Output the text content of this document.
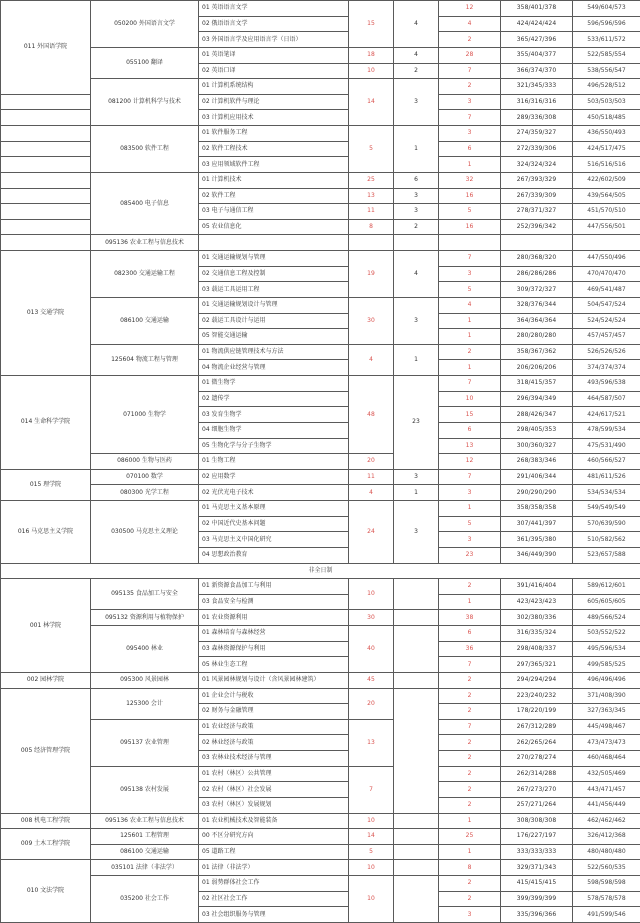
011 外国语学院	050200 外国语言文学	01 英语语言文学	15	4	12	358/401/378	549/604/573
		02 俄语语言文学			4	424/424/424	596/596/596
		03 外国语言学及应用语言学（日语）			2	365/427/396	533/611/572
	055100 翻译	01 英语笔译	18	4	28	355/404/377	522/585/554
		02 英语口译	10	2	7	366/374/370	538/556/547
	081200 计算机科学与技术	01 计算机系统结构	14	3	2	321/345/333	496/528/512
		02 计算机软件与理论			3	316/316/316	503/503/503
		03 计算机应用技术			7	289/336/308	450/518/485
	083500 软件工程	01 软件服务工程	5	1	3	274/359/327	436/550/493
		02 软件工程技术			6	272/339/306	424/517/475
		03 应用领域软件工程			1	324/324/324	516/516/516
	085400 电子信息	01 计算机技术	25	6	32	267/393/329	422/602/509
		02 软件工程	13	3	16	267/339/309	439/564/505
		03 电子与通信工程	11	3	5	278/371/327	451/570/510
		05 农业信息化	8	2	16	252/396/342	447/556/501
	095136 农业工程与信息技术						
013 交通学院	082300 交通运输工程	01 交通运输规划与管理	19	4	7	280/368/320	447/550/496
		02 交通信息工程及控制			3	286/286/286	470/470/470
		03 载运工具运用工程			5	309/372/327	469/541/487
	086100 交通运输	01 交通运输规划设计与管理	30	3	4	328/376/344	504/547/524
		02 载运工具设计与运用			1	364/364/364	524/524/524
		05 智能交通运输			1	280/280/280	457/457/457
	125604 物流工程与管理	01 物流供应链管理技术与方法	4	1	2	358/367/362	526/526/526
		04 物流企业经营与管理			1	206/206/206	374/374/374
014 生命科学学院	071000 生物学	01 微生物学	48	23	7	318/415/357	493/596/538
		02 遗传学			10	296/394/349	464/587/507
		03 发育生物学			15	288/426/347	424/617/521
		04 细胞生物学			6	298/405/353	478/599/534
		05 生物化学与分子生物学			13	300/360/327	475/531/490
	086000 生物与医药	01 生物工程	20		12	268/383/346	460/566/527
015 理学院	070100 数学	02 应用数学	11	3	7	291/406/344	481/611/526
	080300 光学工程	02 光伏光电子技术	4	1	3	290/290/290	534/534/534
016 马克思主义学院	030500 马克思主义理论	01 马克思主义基本原理	24	3	1	358/358/358	549/549/549
		02 中国近代史基本问题			5	307/441/397	570/639/590
		03 马克思主义中国化研究			3	361/395/380	510/582/562
		04 思想政治教育			23	346/449/390	523/657/588
非全日制							
001 林学院	095135 食品加工与安全	01 新资源食品加工与利用	10		2	391/416/404	589/612/601
		03 食品安全与检测			1	423/423/423	605/605/605
	095132 资源利用与植物保护	01 农业资源利用	30		38	302/380/336	489/566/524
	095400 林业	01 森林培育与森林经营	40		6	316/335/324	503/552/522
		03 森林资源保护与利用			36	298/408/337	495/596/534
		05 林业生态工程			7	297/365/321	499/585/525
002 园林学院	095300 风景园林	01 风景园林规划与设计（含风景园林建筑）	45		2	294/294/294	496/496/496
005 经济管理学院	125300 会计	01 企业会计与税收	20		2	223/240/232	371/408/390
		02 财务与金融管理			2	178/220/199	327/363/345
	095137 农业管理	01 农业经济与政策	13		7	267/312/289	445/498/467
		02 林业经济与政策			2	262/265/264	473/473/473
		03 农林业技术经济与管理			2	270/278/274	460/468/464
	095138 农村发展	01 农村（林区）公共管理	7		2	262/314/288	432/505/469
		02 农村（林区）社会发展			2	267/273/270	443/471/457
		03 农村（林区）发展规划			2	257/271/264	441/456/449
008 机电工程学院	095136 农业工程与信息技术	01 农业机械技术及智能装备	10		1	308/308/308	462/462/462
009 土木工程学院	125601 工程管理	00 不区分研究方向	14		25	176/227/197	326/412/368
	086100 交通运输	05 道路工程	5		1	333/333/333	480/480/480
010 文法学院	035101 法律（非法学）	01 法律（非法学）	10		8	329/371/343	522/560/535
	035200 社会工作	01 弱势群体社会工作	10		2	415/415/415	598/598/598
		02 社区社会工作			2	399/399/399	578/578/578
		03 社会组织服务与管理			3	335/396/366	491/599/546
